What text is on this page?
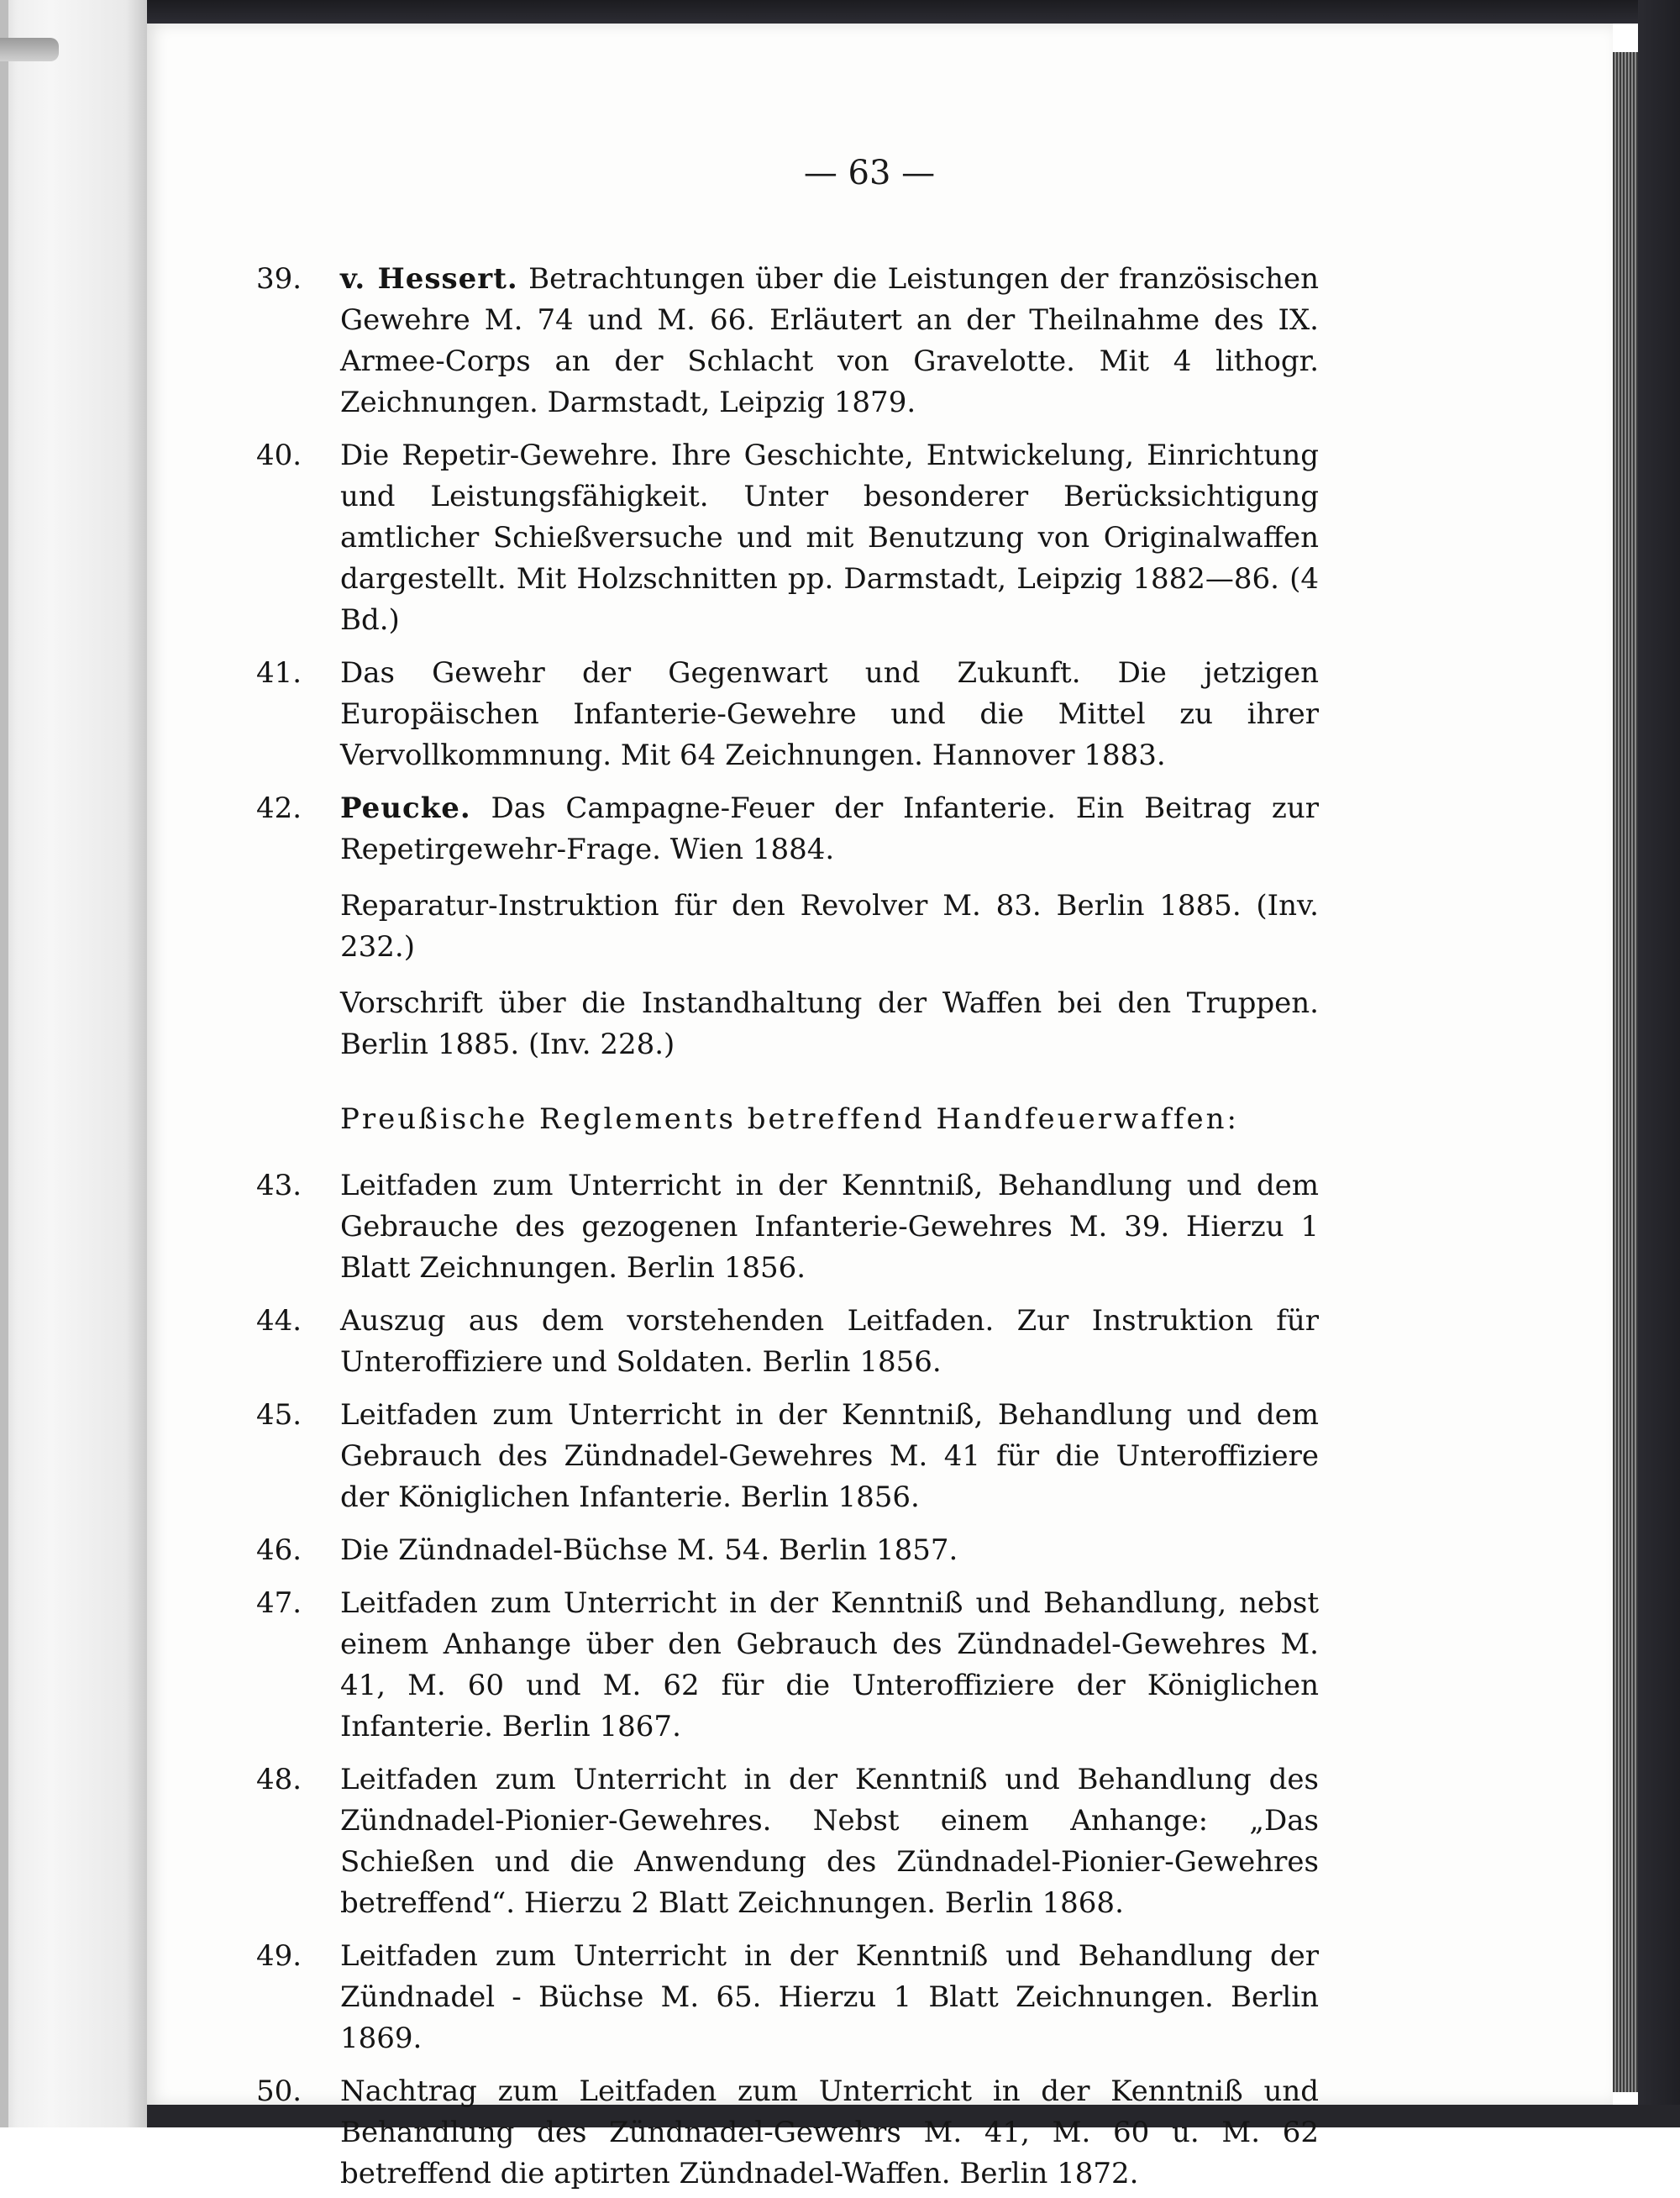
— 63 —
39.	v. Hessert. Betrachtungen über die Leistungen der französischen Gewehre M. 74 und M. 66. Erläutert an der Theilnahme des IX. Armee-Corps an der Schlacht von Gravelotte. Mit 4 lithogr. Zeichnungen. Darmstadt, Leipzig 1879.
40.	Die Repetir-Gewehre. Ihre Geschichte, Entwickelung, Einrichtung und Leistungsfähigkeit. Unter besonderer Berücksichtigung amtlicher Schießversuche und mit Benutzung von Originalwaffen dargestellt. Mit Holzschnitten pp. Darmstadt, Leipzig 1882—86. (4 Bd.)
41.	Das Gewehr der Gegenwart und Zukunft. Die jetzigen Europäischen Infanterie-Gewehre und die Mittel zu ihrer Vervollkommnung. Mit 64 Zeichnungen. Hannover 1883.
42.	Peucke. Das Campagne-Feuer der Infanterie. Ein Beitrag zur Repetirgewehr-Frage. Wien 1884.
Reparatur-Instruktion für den Revolver M. 83. Berlin 1885. (Inv. 232.)
Vorschrift über die Instandhaltung der Waffen bei den Truppen. Berlin 1885. (Inv. 228.)
Preußische Reglements betreffend Handfeuerwaffen:
43.	Leitfaden zum Unterricht in der Kenntniß, Behandlung und dem Gebrauche des gezogenen Infanterie-Gewehres M. 39. Hierzu 1 Blatt Zeichnungen. Berlin 1856.
44.	Auszug aus dem vorstehenden Leitfaden. Zur Instruktion für Unteroffiziere und Soldaten. Berlin 1856.
45.	Leitfaden zum Unterricht in der Kenntniß, Behandlung und dem Gebrauch des Zündnadel-Gewehres M. 41 für die Unteroffiziere der Königlichen Infanterie. Berlin 1856.
46.	Die Zündnadel-Büchse M. 54. Berlin 1857.
47.	Leitfaden zum Unterricht in der Kenntniß und Behandlung, nebst einem Anhange über den Gebrauch des Zündnadel-Gewehres M. 41, M. 60 und M. 62 für die Unteroffiziere der Königlichen Infanterie. Berlin 1867.
48.	Leitfaden zum Unterricht in der Kenntniß und Behandlung des Zündnadel-Pionier-Gewehres. Nebst einem Anhange: „Das Schießen und die Anwendung des Zündnadel-Pionier-Gewehres betreffend“. Hierzu 2 Blatt Zeichnungen. Berlin 1868.
49.	Leitfaden zum Unterricht in der Kenntniß und Behandlung der Zündnadel - Büchse M. 65. Hierzu 1 Blatt Zeichnungen. Berlin 1869.
50.	Nachtrag zum Leitfaden zum Unterricht in der Kenntniß und Behandlung des Zündnadel-Gewehrs M. 41, M. 60 u. M. 62 betreffend die aptirten Zündnadel-Waffen. Berlin 1872.
